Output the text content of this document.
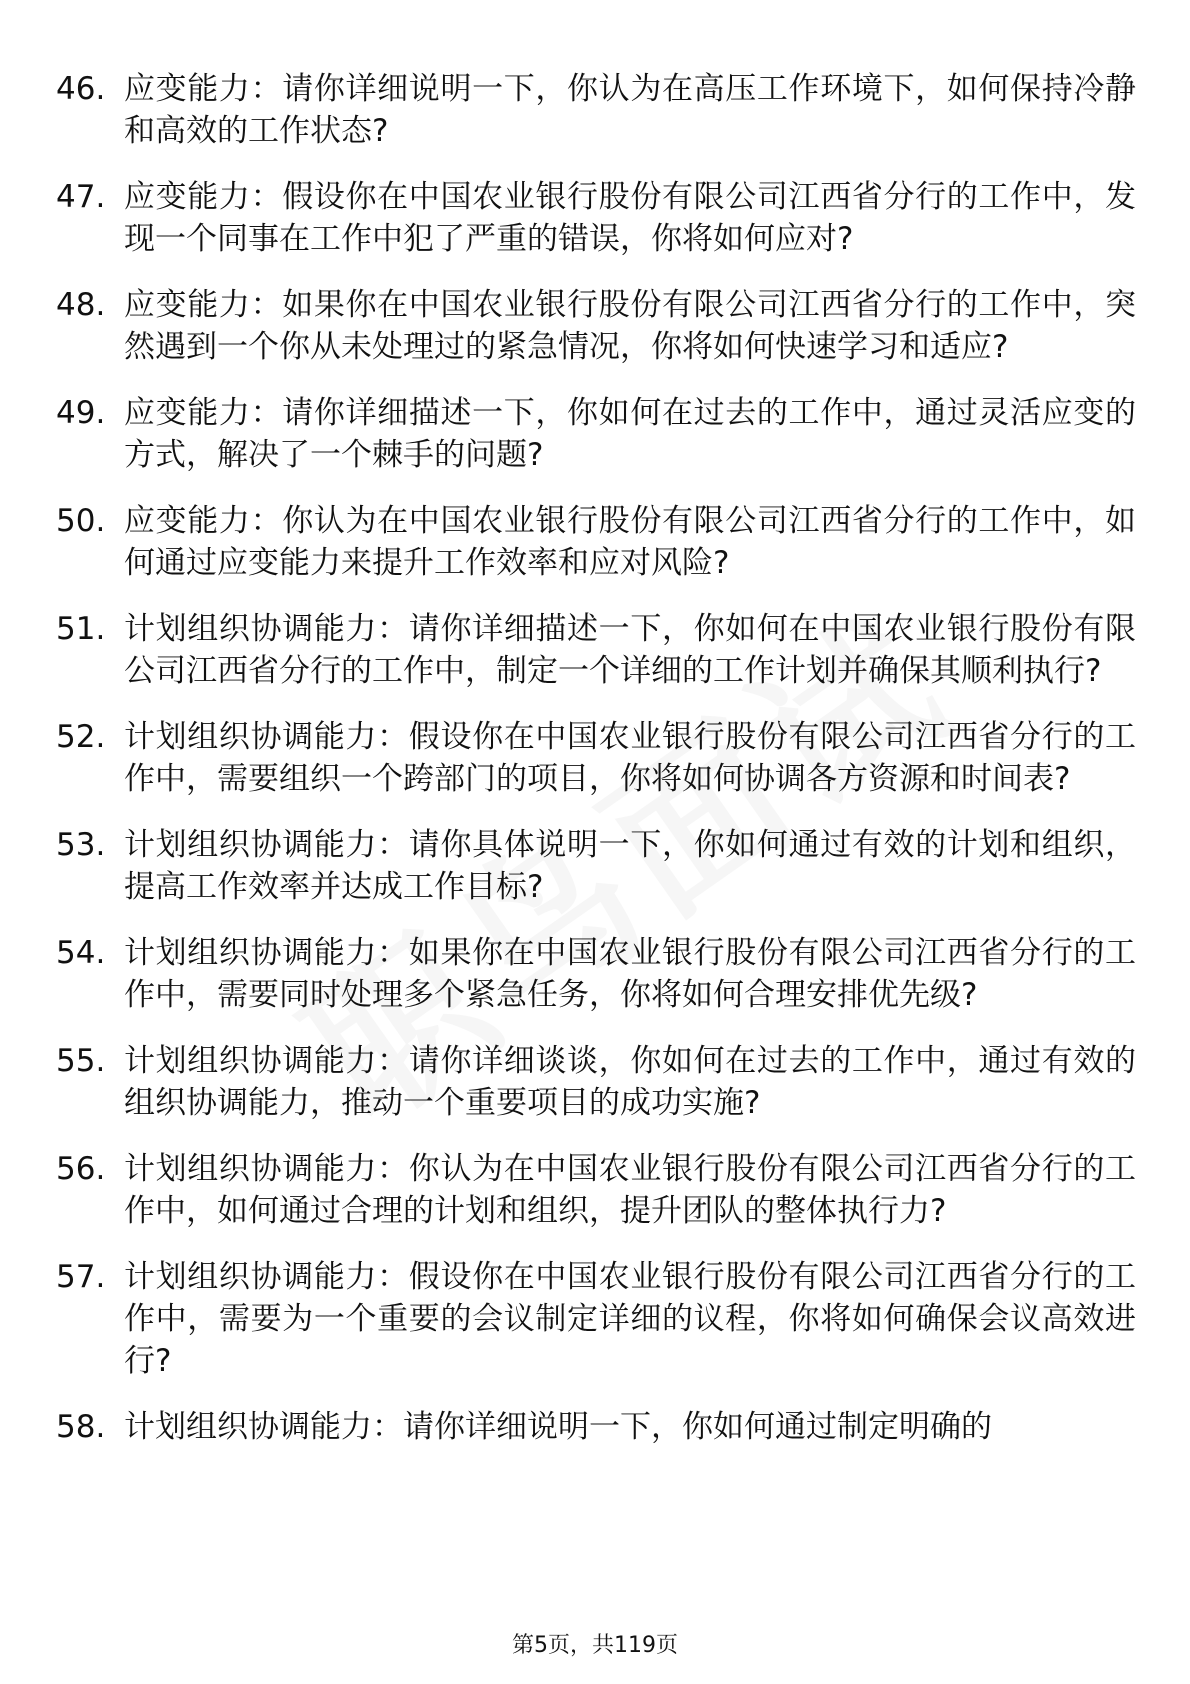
46. 应变能力：请你详细说明一下，你认为在高压工作环境下，如何保持冷静和高效的工作状态?
47. 应变能力：假设你在中国农业银行股份有限公司江西省分行的工作中，发现一个同事在工作中犯了严重的错误，你将如何应对?
48. 应变能力：如果你在中国农业银行股份有限公司江西省分行的工作中，突然遇到一个你从未处理过的紧急情况，你将如何快速学习和适应?
49. 应变能力：请你详细描述一下，你如何在过去的工作中，通过灵活应变的方式，解决了一个棘手的问题?
50. 应变能力：你认为在中国农业银行股份有限公司江西省分行的工作中，如何通过应变能力来提升工作效率和应对风险?
51. 计划组织协调能力：请你详细描述一下，你如何在中国农业银行股份有限公司江西省分行的工作中，制定一个详细的工作计划并确保其顺利执行?
52. 计划组织协调能力：假设你在中国农业银行股份有限公司江西省分行的工作中，需要组织一个跨部门的项目，你将如何协调各方资源和时间表?
53. 计划组织协调能力：请你具体说明一下，你如何通过有效的计划和组织，提高工作效率并达成工作目标?
54. 计划组织协调能力：如果你在中国农业银行股份有限公司江西省分行的工作中，需要同时处理多个紧急任务，你将如何合理安排优先级?
55. 计划组织协调能力：请你详细谈谈，你如何在过去的工作中，通过有效的组织协调能力，推动一个重要项目的成功实施?
56. 计划组织协调能力：你认为在中国农业银行股份有限公司江西省分行的工作中，如何通过合理的计划和组织，提升团队的整体执行力?
57. 计划组织协调能力：假设你在中国农业银行股份有限公司江西省分行的工作中，需要为一个重要的会议制定详细的议程，你将如何确保会议高效进行?
58. 计划组织协调能力：请你详细说明一下，你如何通过制定明确的
第5页，共119页
